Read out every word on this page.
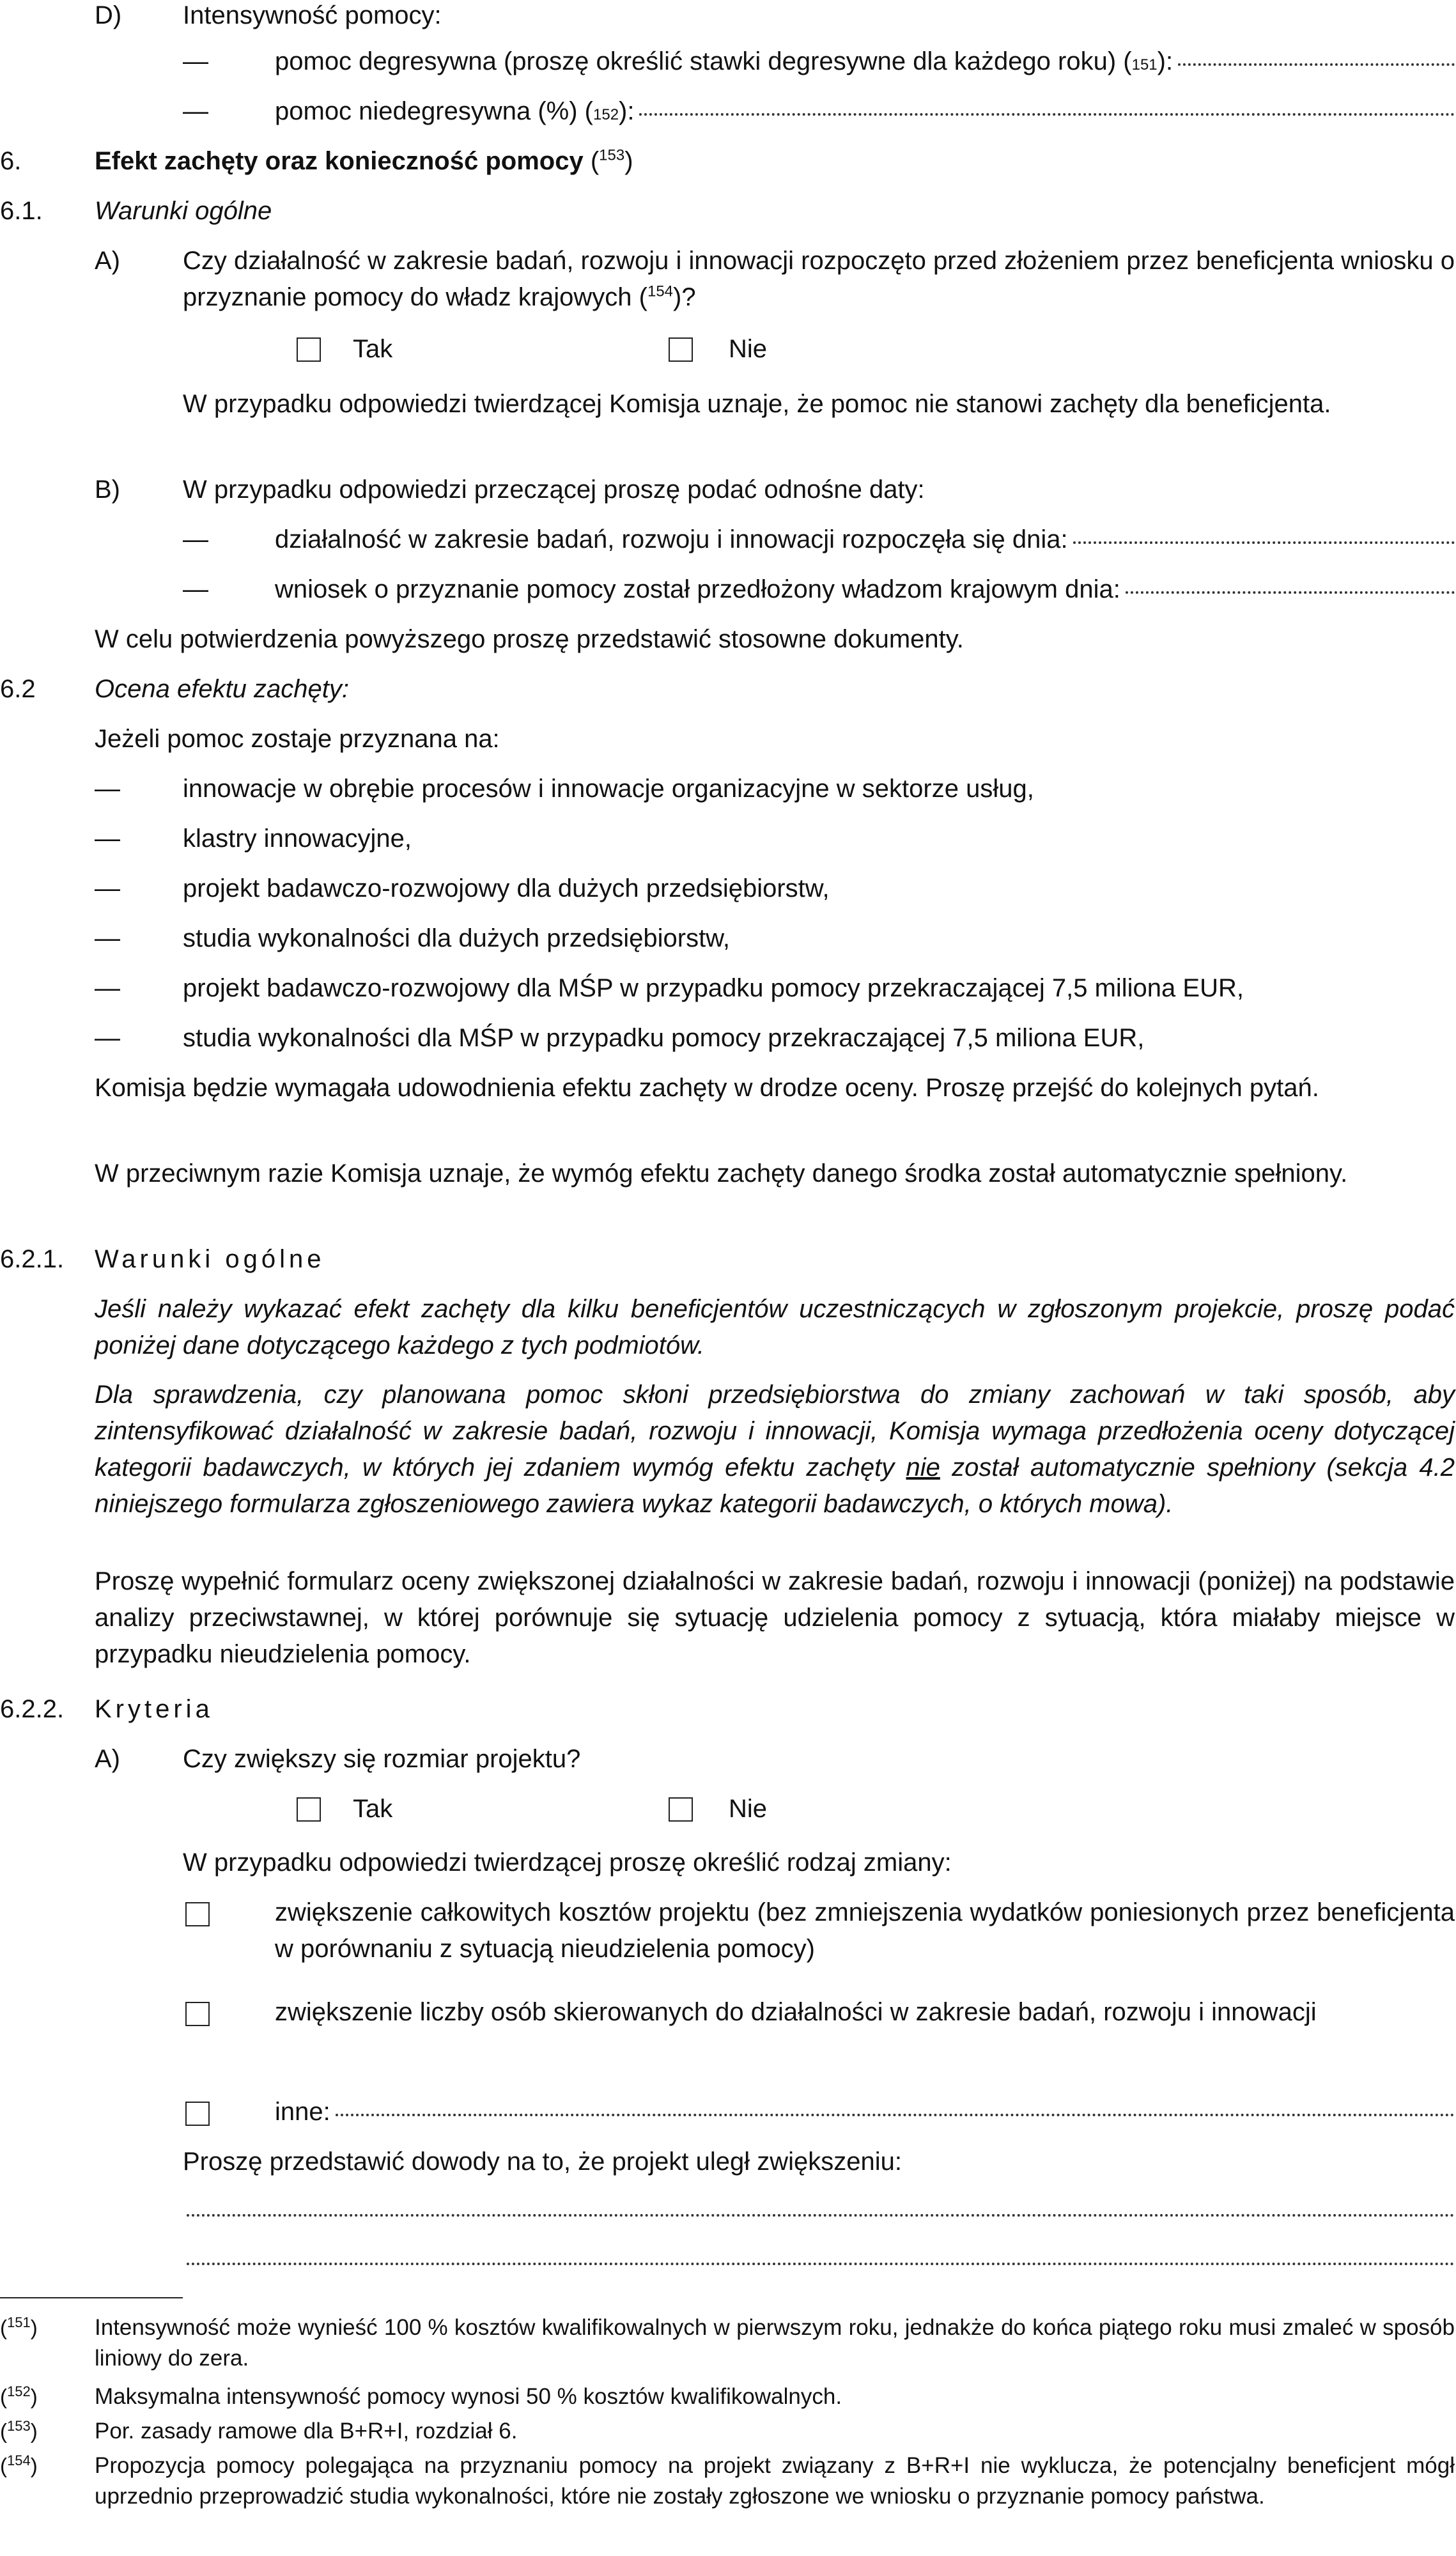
D) Intensywność pomocy:
—	pomoc degresywna (proszę określić stawki degresywne dla każdego roku) ( 151 ):
—	pomoc niedegresywna (%) ( 152 ):
6.	Efekt zachęty oraz konieczność pomocy ($^{153}$)
6.1. Warunki ogólne
A) Czy działalność w zakresie badań, rozwoju i innowacji rozpoczęto przed złożeniem przez beneficjenta wniosku o przyznanie pomocy do władz krajowych ($^{154}$)?
Tak	Nie
W przypadku odpowiedzi twierdzącej Komisja uznaje, że pomoc nie stanowi zachęty dla beneficjenta.
B) W przypadku odpowiedzi przeczącej proszę podać odnośne daty:
—	działalność w zakresie badań, rozwoju i innowacji rozpoczęła się dnia:
—	wniosek o przyznanie pomocy został przedłożony władzom krajowym dnia:
W celu potwierdzenia powyższego proszę przedstawić stosowne dokumenty.
6.2 Ocena efektu zachęty:
Jeżeli pomoc zostaje przyznana na:
— innowacje w obrębie procesów i innowacje organizacyjne w sektorze usług,
— klastry innowacyjne,
— projekt badawczo-rozwojowy dla dużych przedsiębiorstw,
— studia wykonalności dla dużych przedsiębiorstw,
— projekt badawczo-rozwojowy dla MŚP w przypadku pomocy przekraczającej 7,5 miliona EUR,
— studia wykonalności dla MŚP w przypadku pomocy przekraczającej 7,5 miliona EUR,
Komisja będzie wymagała udowodnienia efektu zachęty w drodze oceny. Proszę przejść do kolejnych pytań.
W przeciwnym razie Komisja uznaje, że wymóg efektu zachęty danego środka został automatycznie spełniony.
6.2.1. Warunki ogólne
Jeśli należy wykazać efekt zachęty dla kilku beneficjentów uczestniczących w zgłoszonym projekcie, proszę podać poniżej dane dotyczącego każdego z tych podmiotów.
Dla sprawdzenia, czy planowana pomoc skłoni przedsiębiorstwa do zmiany zachowań w taki sposób, aby zintensyfikować działalność w zakresie badań, rozwoju i innowacji, Komisja wymaga przedłożenia oceny dotyczącej kategorii badawczych, w których jej zdaniem wymóg efektu zachęty nie został automatycznie spełniony (sekcja 4.2 niniejszego formularza zgłoszeniowego zawiera wykaz kategorii badawczych, o których mowa).
Proszę wypełnić formularz oceny zwiększonej działalności w zakresie badań, rozwoju i innowacji (poniżej) na podstawie analizy przeciwstawnej, w której porównuje się sytuację udzielenia pomocy z sytuacją, która miałaby miejsce w przypadku nieudzielenia pomocy.
6.2.2. Kryteria
A) Czy zwiększy się rozmiar projektu?
Tak	Nie
W przypadku odpowiedzi twierdzącej proszę określić rodzaj zmiany:
zwiększenie całkowitych kosztów projektu (bez zmniejszenia wydatków poniesionych przez beneficjenta w porównaniu z sytuacją nieudzielenia pomocy)
zwiększenie liczby osób skierowanych do działalności w zakresie badań, rozwoju i innowacji
inne:
Proszę przedstawić dowody na to, że projekt uległ zwiększeniu:
($^{151}$)	Intensywność może wynieść 100 % kosztów kwalifikowalnych w pierwszym roku, jednakże do końca piątego roku musi zmaleć w sposób liniowy do zera.
($^{152}$)	Maksymalna intensywność pomocy wynosi 50 % kosztów kwalifikowalnych.
($^{153}$)	Por. zasady ramowe dla B+R+I, rozdział 6.
($^{154}$)	Propozycja pomocy polegająca na przyznaniu pomocy na projekt związany z B+R+I nie wyklucza, że potencjalny beneficjent mógł uprzednio przeprowadzić studia wykonalności, które nie zostały zgłoszone we wniosku o przyznanie pomocy państwa.
